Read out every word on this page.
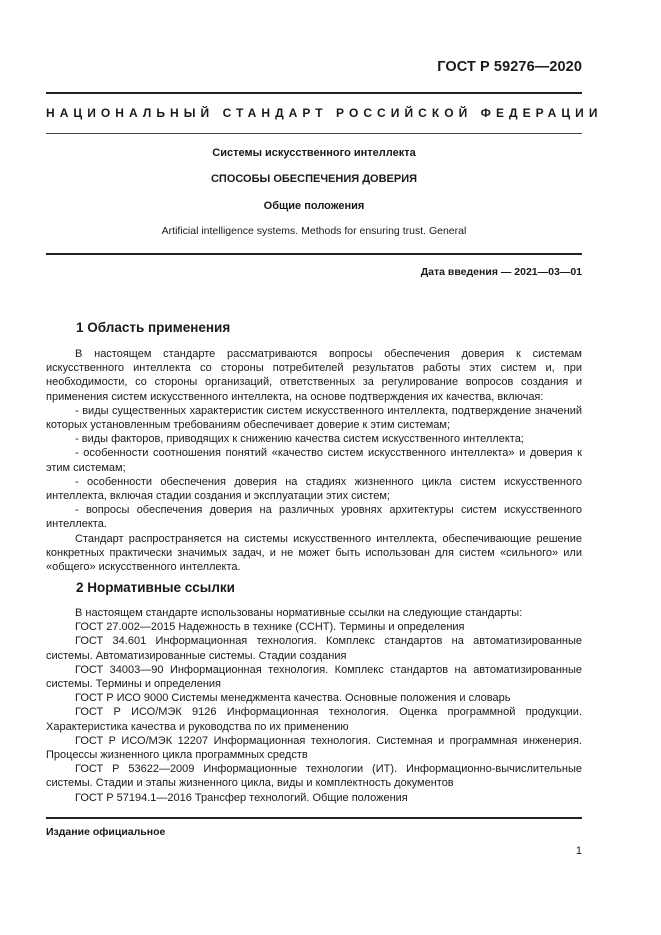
ГОСТ Р 59276—2020
НАЦИОНАЛЬНЫЙ СТАНДАРТ РОССИЙСКОЙ ФЕДЕРАЦИИ
Системы искусственного интеллекта
СПОСОБЫ ОБЕСПЕЧЕНИЯ ДОВЕРИЯ
Общие положения
Artificial intelligence systems. Methods for ensuring trust. General
Дата введения — 2021—03—01
1 Область применения

В настоящем стандарте рассматриваются вопросы обеспечения доверия к системам искусственного интеллекта со стороны потребителей результатов работы этих систем и, при необходимости, со стороны организаций, ответственных за регулирование вопросов создания и применения систем искусственного интеллекта, на основе подтверждения их качества, включая:

- виды существенных характеристик систем искусственного интеллекта, подтверждение значений которых установленным требованиям обеспечивает доверие к этим системам;

- виды факторов, приводящих к снижению качества систем искусственного интеллекта;

- особенности соотношения понятий «качество систем искусственного интеллекта» и доверия к этим системам;

- особенности обеспечения доверия на стадиях жизненного цикла систем искусственного интеллекта, включая стадии создания и эксплуатации этих систем;

- вопросы обеспечения доверия на различных уровнях архитектуры систем искусственного интеллекта.

Стандарт распространяется на системы искусственного интеллекта, обеспечивающие решение конкретных практически значимых задач, и не может быть использован для систем «сильного» или «общего» искусственного интеллекта.

2 Нормативные ссылки

В настоящем стандарте использованы нормативные ссылки на следующие стандарты:

ГОСТ 27.002—2015 Надежность в технике (ССНТ). Термины и определения

ГОСТ 34.601 Информационная технология. Комплекс стандартов на автоматизированные системы. Автоматизированные системы. Стадии создания

ГОСТ 34003—90 Информационная технология. Комплекс стандартов на автоматизированные системы. Термины и определения

ГОСТ Р ИСО 9000 Системы менеджмента качества. Основные положения и словарь

ГОСТ Р ИСО/МЭК 9126 Информационная технология. Оценка программной продукции. Характеристика качества и руководства по их применению

ГОСТ Р ИСО/МЭК 12207 Информационная технология. Системная и программная инженерия. Процессы жизненного цикла программных средств

ГОСТ Р 53622—2009 Информационные технологии (ИТ). Информационно-вычислительные системы. Стадии и этапы жизненного цикла, виды и комплектность документов

ГОСТ Р 57194.1—2016 Трансфер технологий. Общие положения

Издание официальное
1
